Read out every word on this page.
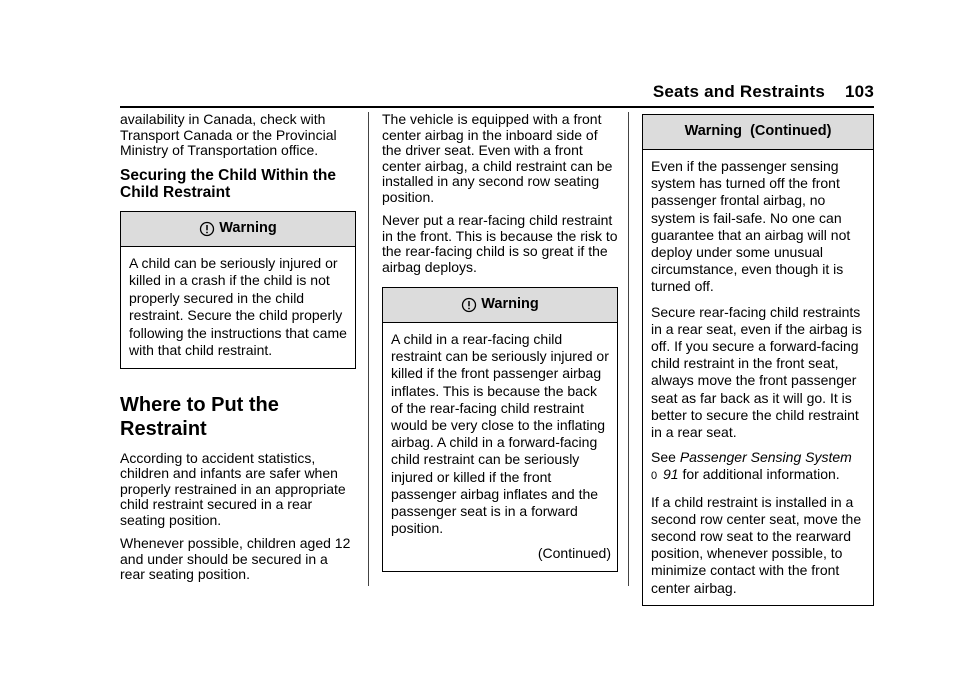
Seats and Restraints 103

availability in Canada, check with Transport Canada or the Provincial Ministry of Transportation office.

Securing the Child Within the Child Restraint
Warning

A child can be seriously injured or killed in a crash if the child is not properly secured in the child restraint. Secure the child properly following the instructions that came with that child restraint.

Where to Put the Restraint

According to accident statistics, children and infants are safer when properly restrained in an appropriate child restraint secured in a rear seating position.

Whenever possible, children aged 12 and under should be secured in a rear seating position.

The vehicle is equipped with a front center airbag in the inboard side of the driver seat. Even with a front center airbag, a child restraint can be installed in any second row seating position.

Never put a rear-facing child restraint in the front. This is because the risk to the rear-facing child is so great if the airbag deploys.

Warning

A child in a rear-facing child restraint can be seriously injured or killed if the front passenger airbag inflates. This is because the back of the rear-facing child restraint would be very close to the inflating airbag. A child in a forward-facing child restraint can be seriously injured or killed if the front passenger airbag inflates and the passenger seat is in a forward position.

(Continued)
Warning  (Continued)

Even if the passenger sensing system has turned off the front passenger frontal airbag, no system is fail-safe. No one can guarantee that an airbag will not deploy under some unusual circumstance, even though it is turned off.

Secure rear-facing child restraints in a rear seat, even if the airbag is off. If you secure a forward-facing child restraint in the front seat, always move the front passenger seat as far back as it will go. It is better to secure the child restraint in a rear seat.

See Passenger Sensing System
0 91 for additional information.

If a child restraint is installed in a second row center seat, move the second row seat to the rearward position, whenever possible, to minimize contact with the front center airbag.
